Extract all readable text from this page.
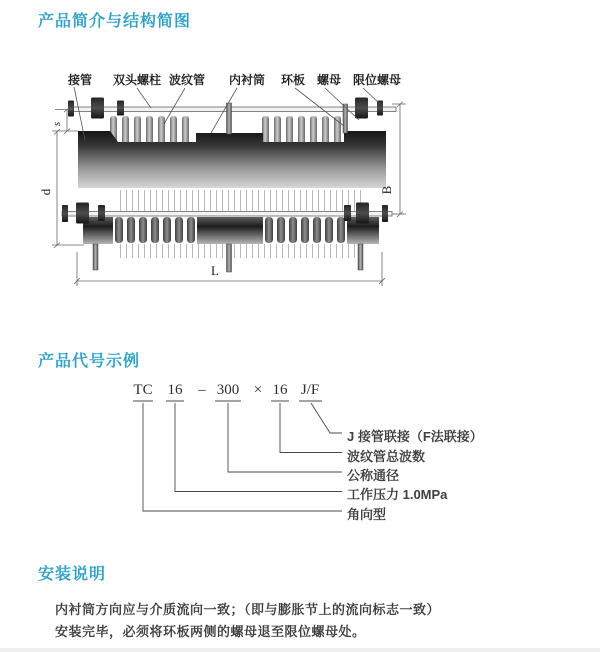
产品简介与结构简图
产品代号示例
安装说明
s
d	B
L
接管 双头螺柱 波纹管 内衬筒 环板 螺母 限位螺母
TC 16 – 300 × 16 J/F
J 接管联接（F法联接）
波纹管总波数
公称通径
工作压力 1.0MPa
角向型
内衬筒方向应与介质流向一致；（即与膨胀节上的流向标志一致）
安装完毕，必须将环板两侧的螺母退至限位螺母处。
